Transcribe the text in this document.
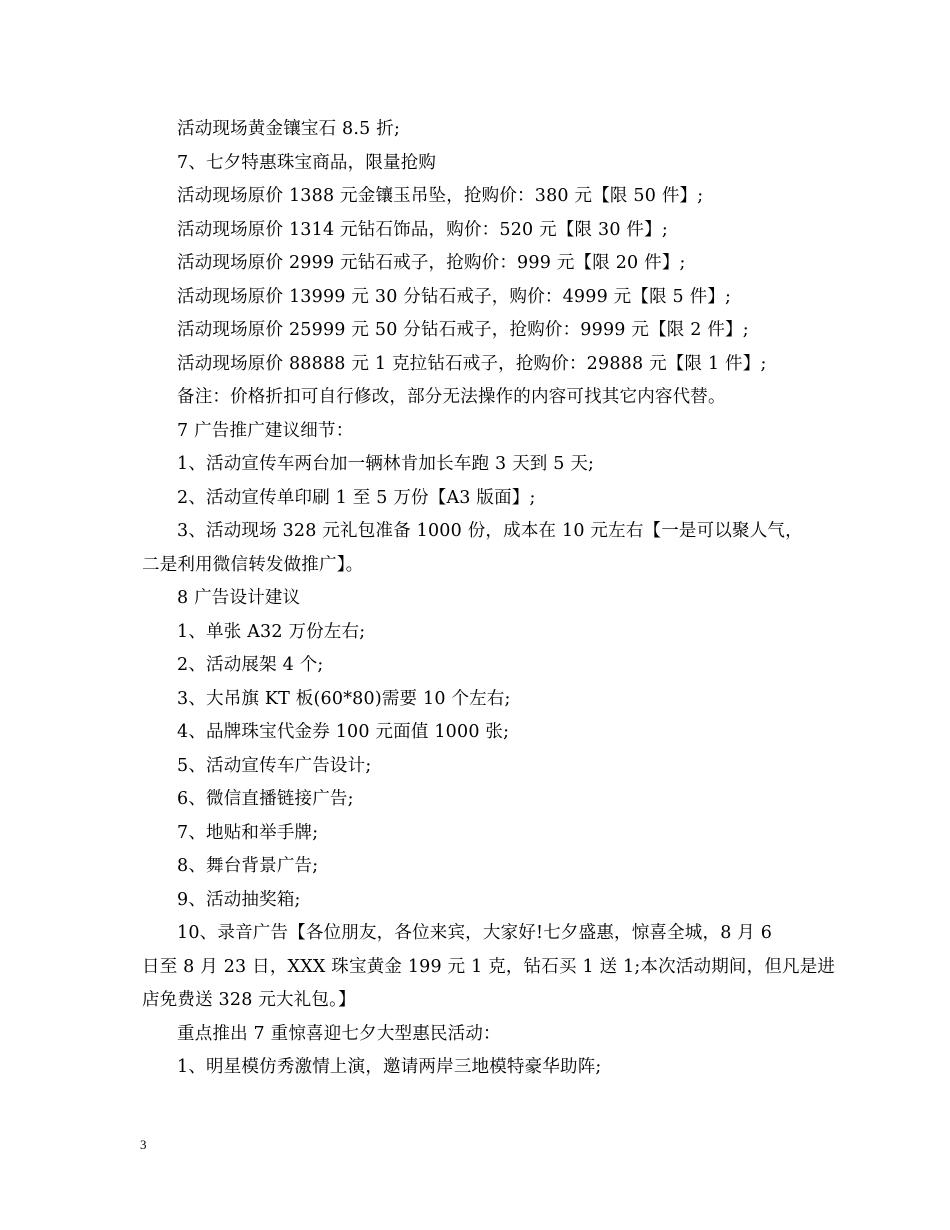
活动现场黄金镶宝石 8.5 折;
7、七夕特惠珠宝商品，限量抢购
活动现场原价 1388 元金镶玉吊坠，抢购价：380 元【限 50 件】;
活动现场原价 1314 元钻石饰品，购价：520 元【限 30 件】;
活动现场原价 2999 元钻石戒子，抢购价：999 元【限 20 件】;
活动现场原价 13999 元 30 分钻石戒子，购价：4999 元【限 5 件】;
活动现场原价 25999 元 50 分钻石戒子，抢购价：9999 元【限 2 件】;
活动现场原价 88888 元 1 克拉钻石戒子，抢购价：29888 元【限 1 件】;
备注：价格折扣可自行修改，部分无法操作的内容可找其它内容代替。
7 广告推广建议细节：
1、活动宣传车两台加一辆林肯加长车跑 3 天到 5 天;
2、活动宣传单印刷 1 至 5 万份【A3 版面】;
3、活动现场 328 元礼包准备 1000 份，成本在 10 元左右【一是可以聚人气，
二是利用微信转发做推广】。
8 广告设计建议
1、单张 A32 万份左右;
2、活动展架 4 个;
3、大吊旗 KT 板(60*80)需要 10 个左右;
4、品牌珠宝代金券 100 元面值 1000 张;
5、活动宣传车广告设计;
6、微信直播链接广告;
7、地贴和举手牌;
8、舞台背景广告;
9、活动抽奖箱;
10、录音广告【各位朋友，各位来宾，大家好!七夕盛惠，惊喜全城，8 月 6
日至 8 月 23 日，XXX 珠宝黄金 199 元 1 克，钻石买 1 送 1;本次活动期间，但凡是进
店免费送 328 元大礼包。】
重点推出 7 重惊喜迎七夕大型惠民活动：
1、明星模仿秀激情上演，邀请两岸三地模特豪华助阵;
3
